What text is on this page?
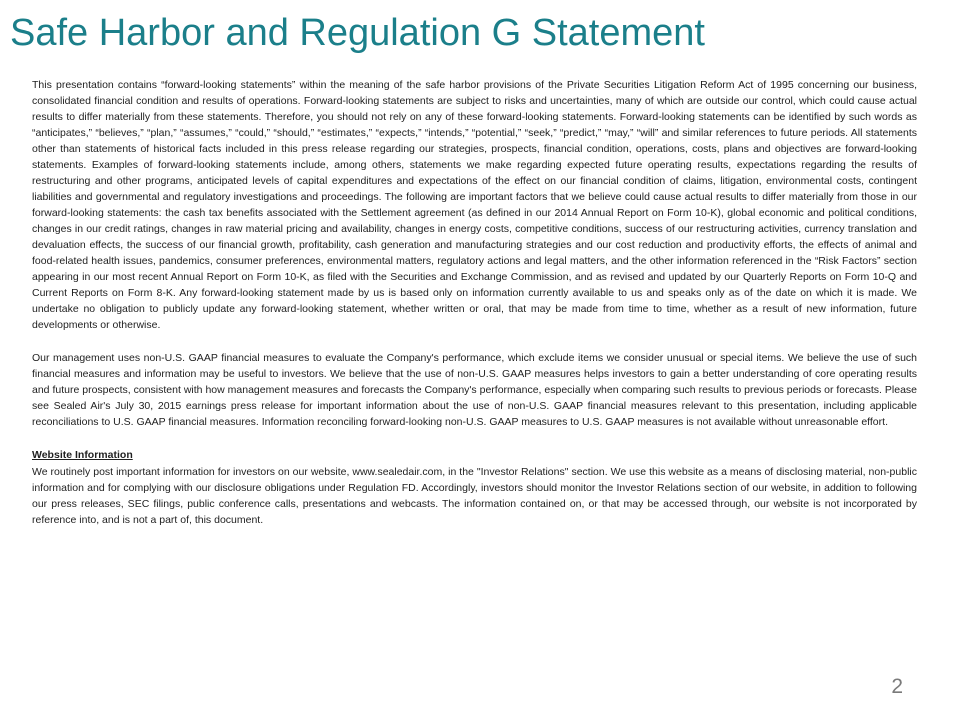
Safe Harbor and Regulation G Statement

This presentation contains “forward-looking statements” within the meaning of the safe harbor provisions of the Private Securities Litigation Reform Act of 1995 concerning our business, consolidated financial condition and results of operations. Forward-looking statements are subject to risks and uncertainties, many of which are outside our control, which could cause actual results to differ materially from these statements. Therefore, you should not rely on any of these forward-looking statements. Forward-looking statements can be identified by such words as “anticipates,” “believes,” “plan,” “assumes,” “could,” “should,” “estimates,” “expects,” “intends,” “potential,” “seek,” “predict,” “may,” “will” and similar references to future periods. All statements other than statements of historical facts included in this press release regarding our strategies, prospects, financial condition, operations, costs, plans and objectives are forward-looking statements. Examples of forward-looking statements include, among others, statements we make regarding expected future operating results, expectations regarding the results of restructuring and other programs, anticipated levels of capital expenditures and expectations of the effect on our financial condition of claims, litigation, environmental costs, contingent liabilities and governmental and regulatory investigations and proceedings. The following are important factors that we believe could cause actual results to differ materially from those in our forward-looking statements: the cash tax benefits associated with the Settlement agreement (as defined in our 2014 Annual Report on Form 10-K), global economic and political conditions, changes in our credit ratings, changes in raw material pricing and availability, changes in energy costs, competitive conditions, success of our restructuring activities, currency translation and devaluation effects, the success of our financial growth, profitability, cash generation and manufacturing strategies and our cost reduction and productivity efforts, the effects of animal and food-related health issues, pandemics, consumer preferences, environmental matters, regulatory actions and legal matters, and the other information referenced in the “Risk Factors” section appearing in our most recent Annual Report on Form 10-K, as filed with the Securities and Exchange Commission, and as revised and updated by our Quarterly Reports on Form 10-Q and Current Reports on Form 8-K. Any forward-looking statement made by us is based only on information currently available to us and speaks only as of the date on which it is made. We undertake no obligation to publicly update any forward-looking statement, whether written or oral, that may be made from time to time, whether as a result of new information, future developments or otherwise.

Our management uses non-U.S. GAAP financial measures to evaluate the Company's performance, which exclude items we consider unusual or special items. We believe the use of such financial measures and information may be useful to investors. We believe that the use of non-U.S. GAAP measures helps investors to gain a better understanding of core operating results and future prospects, consistent with how management measures and forecasts the Company's performance, especially when comparing such results to previous periods or forecasts. Please see Sealed Air's July 30, 2015 earnings press release for important information about the use of non-U.S. GAAP financial measures relevant to this presentation, including applicable reconciliations to U.S. GAAP financial measures. Information reconciling forward-looking non-U.S. GAAP measures to U.S. GAAP measures is not available without unreasonable effort.

Website Information

We routinely post important information for investors on our website, www.sealedair.com, in the "Investor Relations" section. We use this website as a means of disclosing material, non-public information and for complying with our disclosure obligations under Regulation FD. Accordingly, investors should monitor the Investor Relations section of our website, in addition to following our press releases, SEC filings, public conference calls, presentations and webcasts. The information contained on, or that may be accessed through, our website is not incorporated by reference into, and is not a part of, this document.

2
